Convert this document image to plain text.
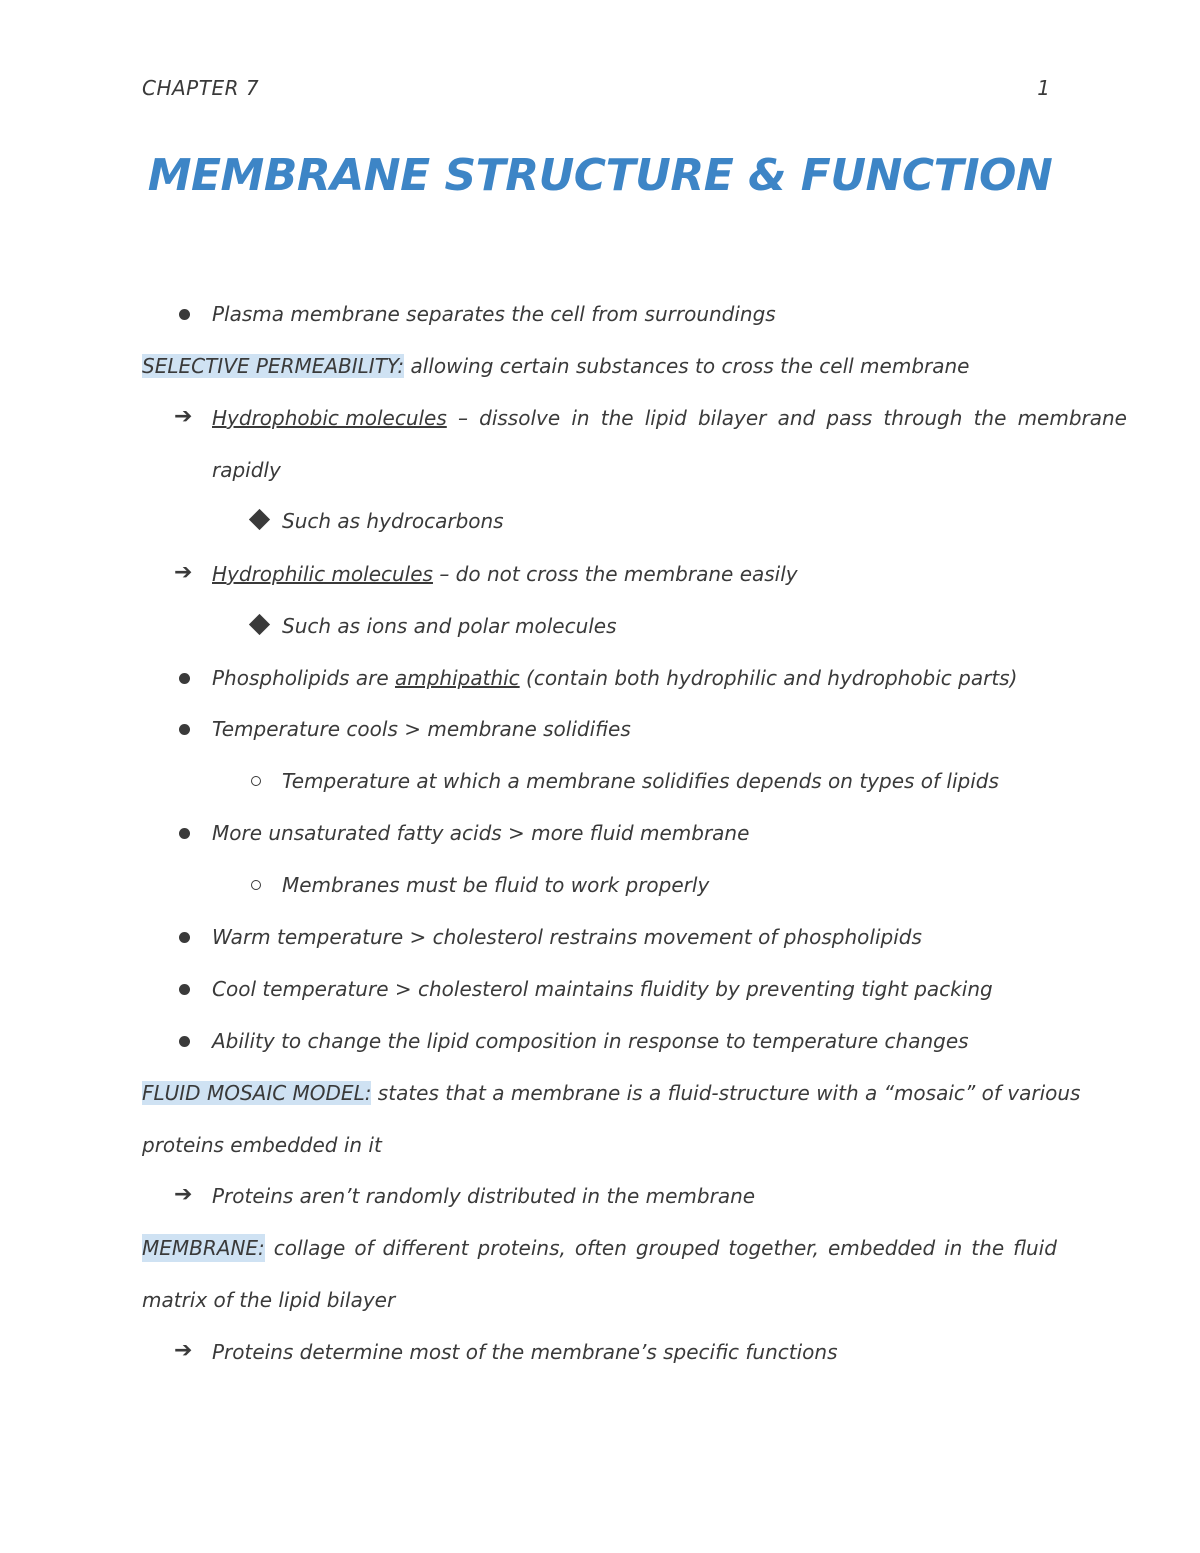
CHAPTER 7	1
MEMBRANE STRUCTURE & FUNCTION
Plasma membrane separates the cell from surroundings
SELECTIVE PERMEABILITY: allowing certain substances to cross the cell membrane
➔ Hydrophobic molecules – dissolve in the lipid bilayer and pass through the membrane
rapidly
Such as hydrocarbons
➔ Hydrophilic molecules – do not cross the membrane easily
Such as ions and polar molecules
Phospholipids are amphipathic (contain both hydrophilic and hydrophobic parts)
Temperature cools > membrane solidifies
Temperature at which a membrane solidifies depends on types of lipids
More unsaturated fatty acids > more fluid membrane
Membranes must be fluid to work properly
Warm temperature > cholesterol restrains movement of phospholipids
Cool temperature > cholesterol maintains fluidity by preventing tight packing
Ability to change the lipid composition in response to temperature changes
FLUID MOSAIC MODEL: states that a membrane is a fluid-structure with a “mosaic” of various
proteins embedded in it
➔ Proteins aren’t randomly distributed in the membrane
MEMBRANE: collage of different proteins, often grouped together, embedded in the fluid
matrix of the lipid bilayer
➔ Proteins determine most of the membrane’s specific functions
